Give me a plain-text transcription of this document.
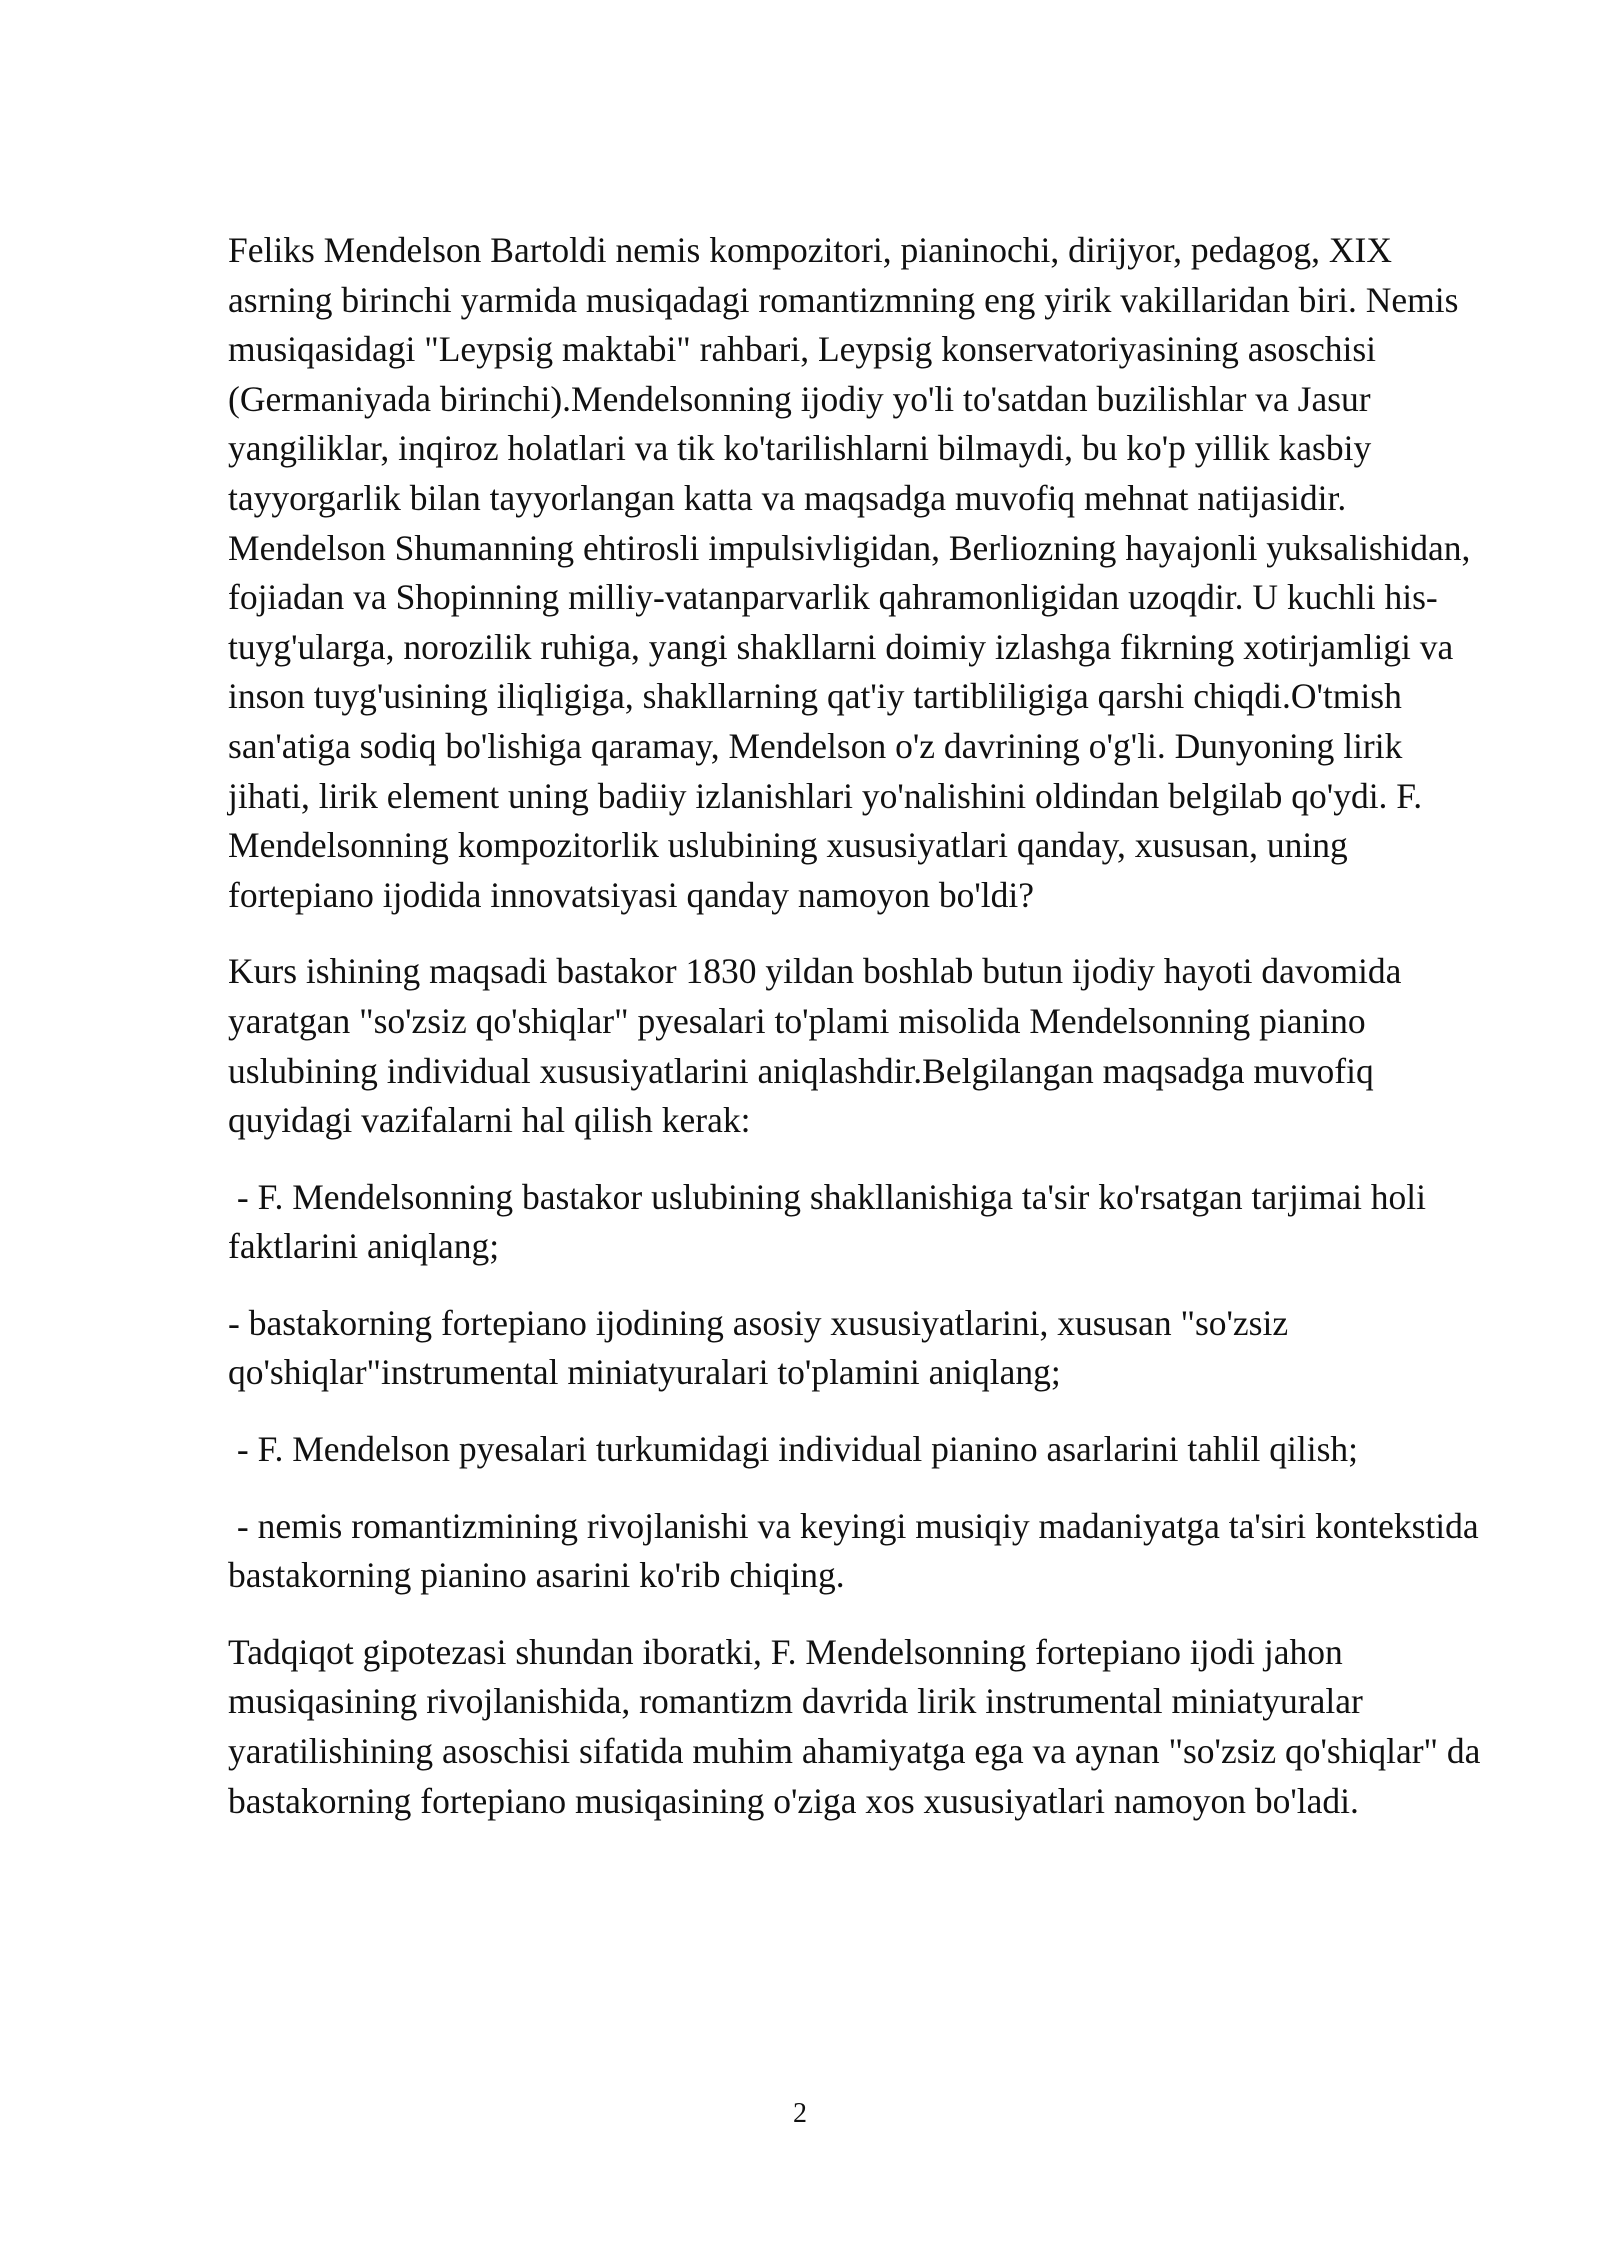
Feliks Mendelson Bartoldi nemis kompozitori, pianinochi, dirijyor, pedagog, XIX asrning birinchi yarmida musiqadagi romantizmning eng yirik vakillaridan biri. Nemis musiqasidagi "Leypsig maktabi" rahbari, Leypsig konservatoriyasining asoschisi (Germaniyada birinchi).Mendelsonning ijodiy yo'li to'satdan buzilishlar va Jasur yangiliklar, inqiroz holatlari va tik ko'tarilishlarni bilmaydi, bu ko'p yillik kasbiy tayyorgarlik bilan tayyorlangan katta va maqsadga muvofiq mehnat natijasidir. Mendelson Shumanning ehtirosli impulsivligidan, Berliozning hayajonli yuksalishidan, fojiadan va Shopinning milliy-vatanparvarlik qahramonligidan uzoqdir. U kuchli his-tuyg'ularga, norozilik ruhiga, yangi shakllarni doimiy izlashga fikrning xotirjamligi va inson tuyg'usining iliqligiga, shakllarning qat'iy tartibliligiga qarshi chiqdi.O'tmish san'atiga sodiq bo'lishiga qaramay, Mendelson o'z davrining o'g'li. Dunyoning lirik jihati, lirik element uning badiiy izlanishlari yo'nalishini oldindan belgilab qo'ydi. F. Mendelsonning kompozitorlik uslubining xususiyatlari qanday, xususan, uning fortepiano ijodida innovatsiyasi qanday namoyon bo'ldi?

Kurs ishining maqsadi bastakor 1830 yildan boshlab butun ijodiy hayoti davomida yaratgan "so'zsiz qo'shiqlar" pyesalari to'plami misolida Mendelsonning pianino uslubining individual xususiyatlarini aniqlashdir.Belgilangan maqsadga muvofiq quyidagi vazifalarni hal qilish kerak:

- F. Mendelsonning bastakor uslubining shakllanishiga ta'sir ko'rsatgan tarjimai holi faktlarini aniqlang;

- bastakorning fortepiano ijodining asosiy xususiyatlarini, xususan "so'zsiz qo'shiqlar"instrumental miniatyuralari to'plamini aniqlang;

- F. Mendelson pyesalari turkumidagi individual pianino asarlarini tahlil qilish;

- nemis romantizmining rivojlanishi va keyingi musiqiy madaniyatga ta'siri kontekstida bastakorning pianino asarini ko'rib chiqing.

Tadqiqot gipotezasi shundan iboratki, F. Mendelsonning fortepiano ijodi jahon musiqasining rivojlanishida, romantizm davrida lirik instrumental miniatyuralar yaratilishining asoschisi sifatida muhim ahamiyatga ega va aynan "so'zsiz qo'shiqlar" da bastakorning fortepiano musiqasining o'ziga xos xususiyatlari namoyon bo'ladi.

2
